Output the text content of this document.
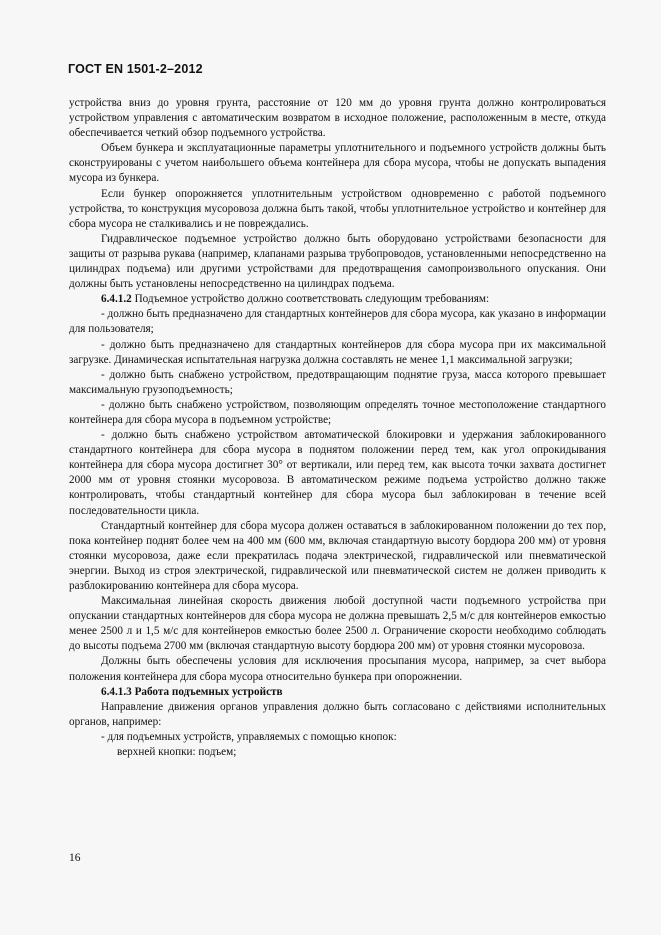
ГОСТ EN 1501-2–2012

устройства вниз до уровня грунта, расстояние от 120 мм до уровня грунта должно контролироваться устройством управления с автоматическим возвратом в исходное положение, расположенным в месте, откуда обеспечивается четкий обзор подъемного устройства.

Объем бункера и эксплуатационные параметры уплотнительного и подъемного устройств должны быть сконструированы с учетом наибольшего объема контейнера для сбора мусора, чтобы не допускать выпадения мусора из бункера.

Если бункер опорожняется уплотнительным устройством одновременно с работой подъемного устройства, то конструкция мусоровоза должна быть такой, чтобы уплотнительное устройство и контейнер для сбора мусора не сталкивались и не повреждались.

Гидравлическое подъемное устройство должно быть оборудовано устройствами безопасности для защиты от разрыва рукава (например, клапанами разрыва трубопроводов, установленными непосредственно на цилиндрах подъема) или другими устройствами для предотвращения самопроизвольного опускания. Они должны быть установлены непосредственно на цилиндрах подъема.

6.4.1.2 Подъемное устройство должно соответствовать следующим требованиям:

- должно быть предназначено для стандартных контейнеров для сбора мусора, как указано в информации для пользователя;

- должно быть предназначено для стандартных контейнеров для сбора мусора при их максимальной загрузке. Динамическая испытательная нагрузка должна составлять не менее 1,1 максимальной загрузки;

- должно быть снабжено устройством, предотвращающим поднятие груза, масса которого превышает максимальную грузоподъемность;

- должно быть снабжено устройством, позволяющим определять точное местоположение стандартного контейнера для сбора мусора в подъемном устройстве;

- должно быть снабжено устройством автоматической блокировки и удержания заблокированного стандартного контейнера для сбора мусора в поднятом положении перед тем, как угол опрокидывания контейнера для сбора мусора достигнет 30° от вертикали, или перед тем, как высота точки захвата достигнет 2000 мм от уровня стоянки мусоровоза. В автоматическом режиме подъема устройство должно также контролировать, чтобы стандартный контейнер для сбора мусора был заблокирован в течение всей последовательности цикла.

Стандартный контейнер для сбора мусора должен оставаться в заблокированном положении до тех пор, пока контейнер поднят более чем на 400 мм (600 мм, включая стандартную высоту бордюра 200 мм) от уровня стоянки мусоровоза, даже если прекратилась подача электрической, гидравлической или пневматической энергии. Выход из строя электрической, гидравлической или пневматической систем не должен приводить к разблокированию контейнера для сбора мусора.

Максимальная линейная скорость движения любой доступной части подъемного устройства при опускании стандартных контейнеров для сбора мусора не должна превышать 2,5 м/с для контейнеров емкостью менее 2500 л и 1,5 м/с для контейнеров емкостью более 2500 л. Ограничение скорости необходимо соблюдать до высоты подъема 2700 мм (включая стандартную высоту бордюра 200 мм) от уровня стоянки мусоровоза.

Должны быть обеспечены условия для исключения просыпания мусора, например, за счет выбора положения контейнера для сбора мусора относительно бункера при опорожнении.

6.4.1.3 Работа подъемных устройств

Направление движения органов управления должно быть согласовано с действиями исполнительных органов, например:

- для подъемных устройств, управляемых с помощью кнопок:

верхней кнопки: подъем;

16
